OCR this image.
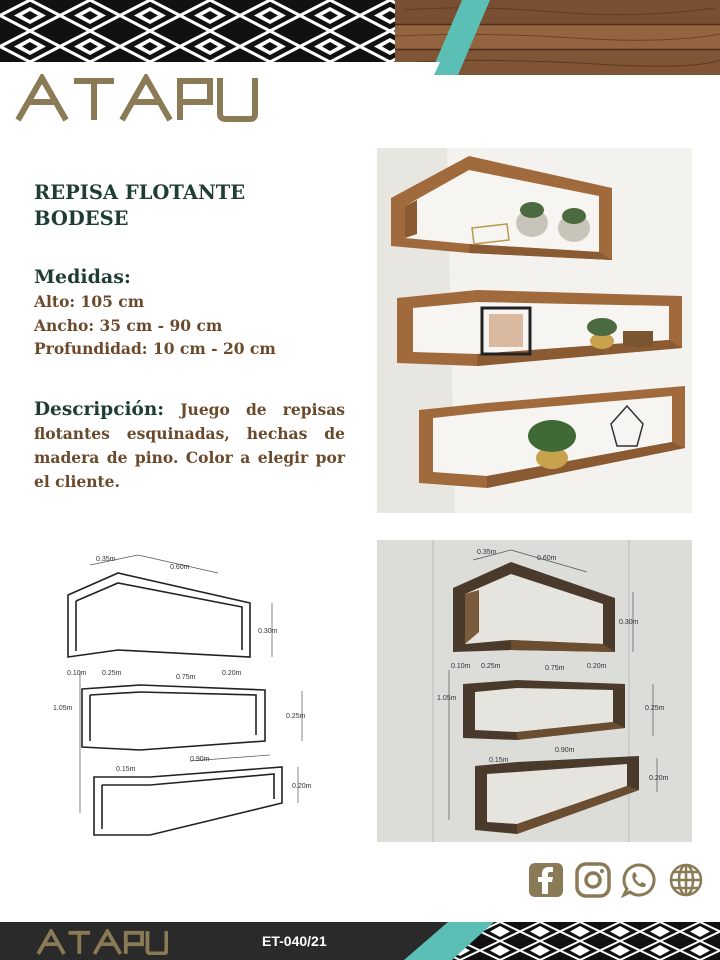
REPISA FLOTANTE
BODESE
Medidas:
Alto: 105 cm
Ancho: 35 cm - 90 cm
Profundidad: 10 cm - 20 cm
Descripción: Juego de repisas flotantes esquinadas, hechas de madera de pino. Color a elegir por el cliente.
0.35m
0.60m
0.30m
0.10m 0.25m
0.75m
0.20m
1.05m
0.25m
0.15m
0.90m
0.20m
0.35m
0.60m
0.30m
0.10m 0.25m	0.75m	0.20m
1.05m
0.25m
0.15m
0.90m
0.20m
ET-040/21
